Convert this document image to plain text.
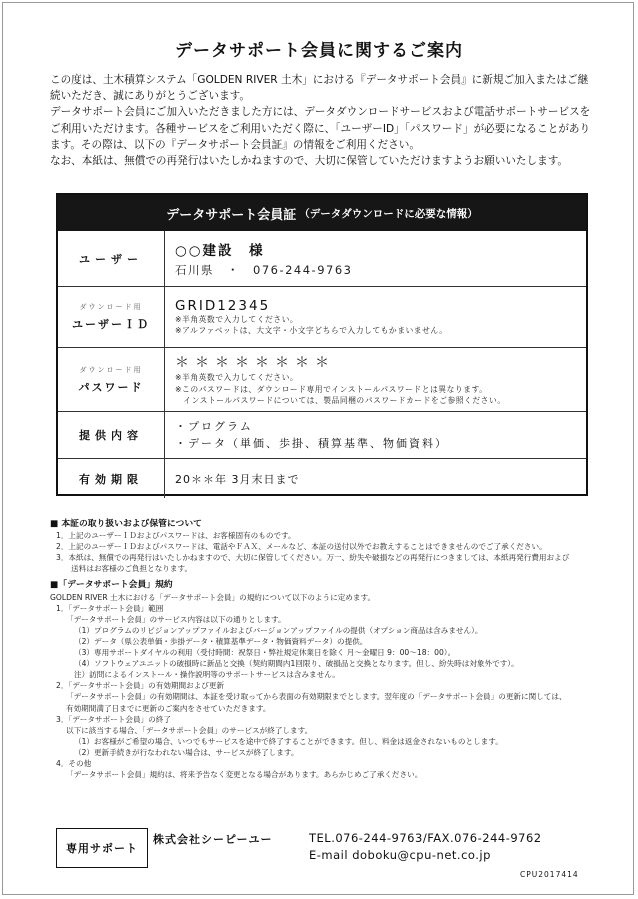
データサポート会員に関するご案内

この度は、土木積算システム「GOLDEN RIVER 土木」における『データサポート会員』に新規ご加入またはご継続いただき、誠にありがとうございます。

データサポート会員にご加入いただきました方には、データダウンロードサービスおよび電話サポートサービスをご利用いただけます。各種サービスをご利用いただく際に、「ユーザーID」「パスワード」が必要になることがあります。その際は、以下の『データサポート会員証』の情報をご利用ください。

なお、本紙は、無償での再発行はいたしかねますので、大切に保管していただけますようお願いいたします。

データサポート会員証 （データダウンロードに必要な情報）
ユーザー ○○建設　様
石川県　・　076-244-9763
ダウンロード用
ユーザーＩＤ
GRID12345
※半角英数で入力してください。
※アルファベットは、大文字・小文字どちらで入力してもかまいません。
ダウンロード用
パスワード
＊＊＊＊＊＊＊＊
※半角英数で入力してください。
※このパスワードは、ダウンロード専用でインストールパスワードとは異なります。
　インストールパスワードについては、製品同梱のパスワードカードをご参照ください。
提供内容
・プログラム
・データ（単価、歩掛、積算基準、物価資料）
有効期限	20＊＊年 3月末日まで
■ 本証の取り扱いおよび保管について
1．上記のユーザーＩＤおよびパスワードは、お客様固有のものです。
2．上記のユーザーＩＤおよびパスワードは、電話やＦＡＸ、メールなど、本証の送付以外でお教えすることはできませんのでご了承ください。
3．本紙は、無償での再発行はいたしかねますので、大切に保管してください。万一、紛失や破損などの再発行につきましては、本紙再発行費用および
　　送料はお客様のご負担となります。
■「データサポート会員」規約
GOLDEN RIVER 土木における「データサポート会員」の規約について以下のように定めます。
1．「データサポート会員」範囲
「データサポート会員」のサービス内容は以下の通りとします。
（1）プログラムのリビジョンアップファイルおよびバージョンアップファイルの提供（オプション商品は含みません）。
（2）データ（県公表単価・歩掛データ・積算基準データ・物価資料データ）の提供。
（3）専用サポートダイヤルの利用（受付時間：祝祭日・弊社規定休業日を除く 月～金曜日 9：00～18：00）。
（4）ソフトウェアユニットの破損時に新品と交換（契約期間内1回限り、破損品と交換となります。但し、紛失時は対象外です）。
注）訪問によるインストール・操作説明等のサポートサービスは含みません。
2．「データサポート会員」の有効期間および更新
「データサポート会員」の有効期間は、本証を受け取ってから表面の有効期限までとします。翌年度の「データサポート会員」の更新に関しては、
有効期間満了日までに更新のご案内をさせていただきます。
3．「データサポート会員」の終了
以下に該当する場合、「データサポート会員」のサービスが終了します。
（1）お客様がご希望の場合、いつでもサービスを途中で終了することができます。但し、料金は返金されないものとします。
（2）更新手続きが行なわれない場合は、サービスが終了します。
4．その他
「データサポート会員」規約は、将来予告なく変更となる場合があります。あらかじめご了承ください。
専用サポート
株式会社シーピーユー	TEL.076-244-9763/FAX.076-244-9762
E-mail doboku@cpu-net.co.jp
CPU2017414
